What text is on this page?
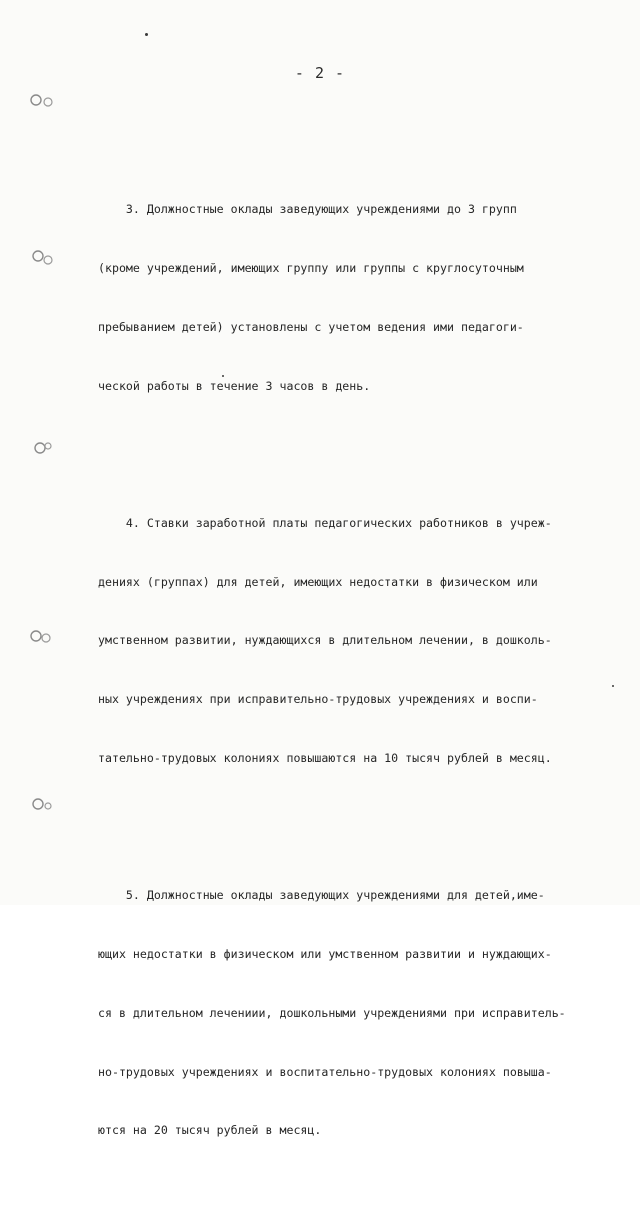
- 2 -

3. Должностные оклады заведующих учреждениями до 3 групп

(кроме учреждений, имеющих группу или группы с круглосуточным

пребыванием детей) установлены с учетом ведения ими педагоги-

ческой работы в течение 3 часов в день.

4. Ставки заработной платы педагогических работников в учреж-

дениях (группах) для детей, имеющих недостатки в физическом или

умственном развитии, нуждающихся в длительном лечении, в дошколь-

ных учреждениях при исправительно-трудовых учреждениях и воспи-

тательно-трудовых колониях повышаются на 10 тысяч рублей в месяц.

5. Должностные оклады заведующих учреждениями для детей,име-

ющих недостатки в физическом или умственном развитии и нуждающих-

ся в длительном лечениии, дошкольными учреждениями при исправитель-

но-трудовых учреждениях и воспитательно-трудовых колониях повыша-

ются на 20 тысяч рублей в месяц.
